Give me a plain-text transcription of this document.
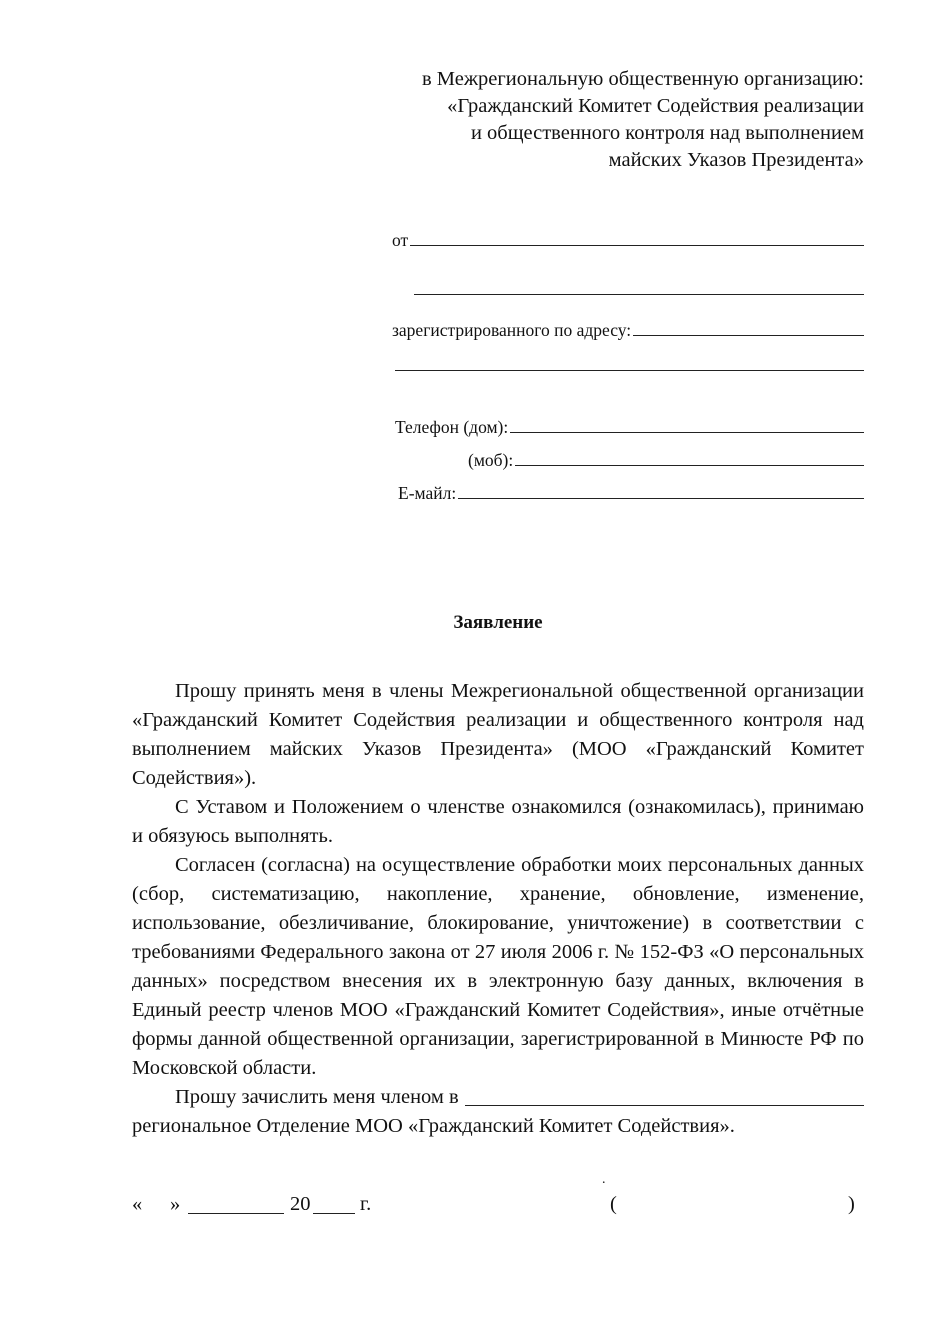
в Межрегиональную общественную организацию:
«Гражданский Комитет Содействия реализации
и общественного контроля над выполнением
майских Указов Президента»
от
зарегистрированного по адресу:
Телефон (дом):
(моб):
Е-майл:
Заявление

Прошу принять меня в члены Межрегиональной общественной организации «Гражданский Комитет Содействия реализации и общественного контроля над выполнением майских Указов Президента» (МОО «Гражданский Комитет Содействия»).

С Уставом и Положением о членстве ознакомился (ознакомилась), принимаю и обязуюсь выполнять.

Согласен (согласна) на осуществление обработки моих персональных данных (сбор, систематизацию, накопление, хранение, обновление, изменение, использование, обезличивание, блокирование, уничтожение) в соответствии с требованиями Федерального закона от 27 июля 2006 г. № 152-ФЗ «О персональных данных» посредством внесения их в электронную базу данных, включения в Единый реестр членов МОО «Гражданский Комитет Содействия», иные отчётные формы данной общественной организации, зарегистрированной в Минюсте РФ по Московской области.

Прошу зачислить меня членом в
региональное Отделение МОО «Гражданский Комитет Содействия».
.
« »	20 г.	(	)
